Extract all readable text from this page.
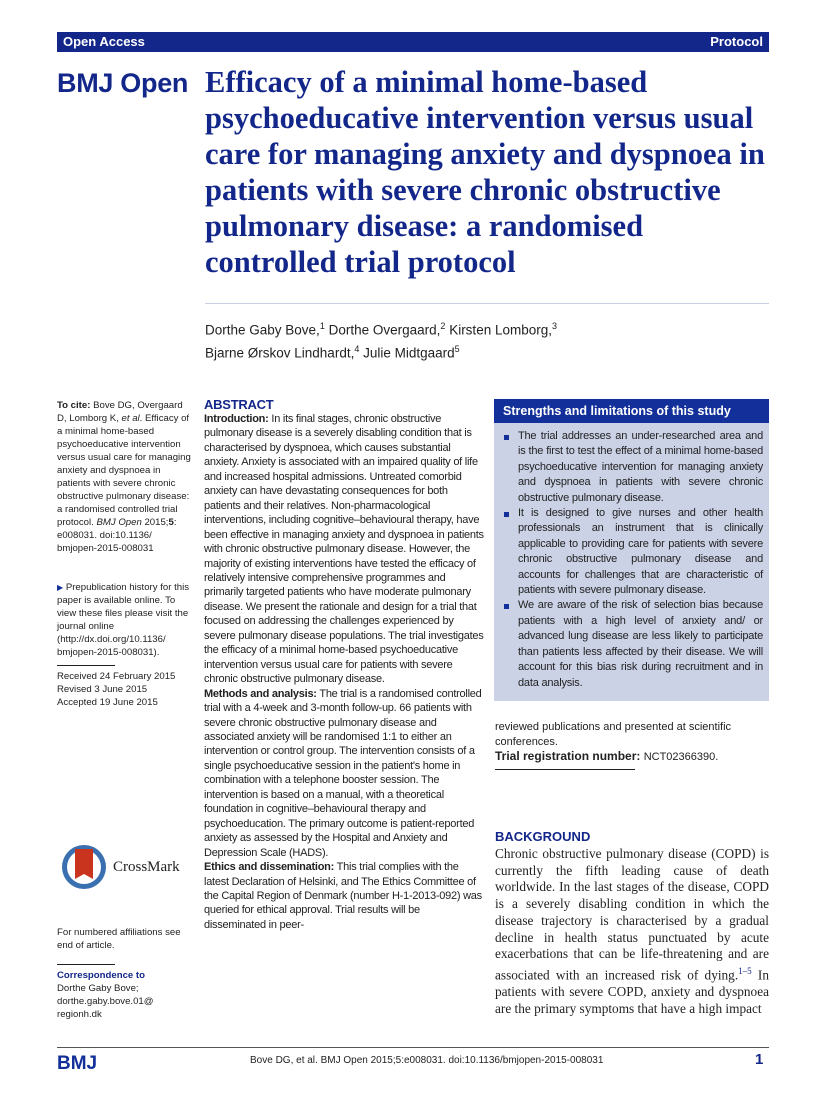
Open Access	Protocol
BMJ Open Efficacy of a minimal home-based psychoeducative intervention versus usual care for managing anxiety and dyspnoea in patients with severe chronic obstructive pulmonary disease: a randomised controlled trial protocol
Dorthe Gaby Bove,$^1$ Dorthe Overgaard,$^2$ Kirsten Lomborg,$^3$
Bjarne Ørskov Lindhardt,$^4$ Julie Midtgaard$^5$

To cite: Bove DG, Overgaard D, Lomborg K, et al. Efficacy of a minimal home-based psychoeducative intervention versus usual care for managing anxiety and dyspnoea in patients with severe chronic obstructive pulmonary disease: a randomised controlled trial protocol. BMJ Open 2015;5: e008031. doi:10.1136/ bmjopen-2015-008031

▶ Prepublication history for this paper is available online. To view these files please visit the journal online (http://dx.doi.org/10.1136/ bmjopen-2015-008031).

Received 24 February 2015

Revised 3 June 2015

Accepted 19 June 2015

CrossMark

For numbered affiliations see end of article.

Correspondence to

Dorthe Gaby Bove;

dorthe.gaby.bove.01@ regionh.dk

ABSTRACT

Introduction: In its final stages, chronic obstructive pulmonary disease is a severely disabling condition that is characterised by dyspnoea, which causes substantial anxiety. Anxiety is associated with an impaired quality of life and increased hospital admissions. Untreated comorbid anxiety can have devastating consequences for both patients and their relatives. Non-pharmacological interventions, including cognitive–behavioural therapy, have been effective in managing anxiety and dyspnoea in patients with chronic obstructive pulmonary disease. However, the majority of existing interventions have tested the efficacy of relatively intensive comprehensive programmes and primarily targeted patients who have moderate pulmonary disease. We present the rationale and design for a trial that focused on addressing the challenges experienced by severe pulmonary disease populations. The trial investigates the efficacy of a minimal home-based psychoeducative intervention versus usual care for patients with severe chronic obstructive pulmonary disease.

Methods and analysis: The trial is a randomised controlled trial with a 4-week and 3-month follow-up. 66 patients with severe chronic obstructive pulmonary disease and associated anxiety will be randomised 1:1 to either an intervention or control group. The intervention consists of a single psychoeducative session in the patient's home in combination with a telephone booster session. The intervention is based on a manual, with a theoretical foundation in cognitive–behavioural therapy and psychoeducation. The primary outcome is patient-reported anxiety as assessed by the Hospital and Anxiety and Depression Scale (HADS).

Ethics and dissemination: This trial complies with the latest Declaration of Helsinki, and The Ethics Committee of the Capital Region of Denmark (number H-1-2013-092) was queried for ethical approval. Trial results will be disseminated in peer-

Strengths and limitations of this study
The trial addresses an under-researched area and is the first to test the effect of a minimal home-based psychoeducative intervention for managing anxiety and dyspnoea in patients with severe chronic obstructive pulmonary disease.
It is designed to give nurses and other health professionals an instrument that is clinically applicable to providing care for patients with severe chronic obstructive pulmonary disease and accounts for challenges that are characteristic of patients with severe pulmonary disease.
We are aware of the risk of selection bias because patients with a high level of anxiety and/ or advanced lung disease are less likely to participate than patients less affected by their disease. We will account for this bias risk during recruitment and in data analysis.

reviewed publications and presented at scientific conferences.

Trial registration number: NCT02366390.

BACKGROUND

Chronic obstructive pulmonary disease (COPD) is currently the fifth leading cause of death worldwide. In the last stages of the disease, COPD is a severely disabling condition in which the disease trajectory is characterised by a gradual decline in health status punctuated by acute exacerbations that can be life-threatening and are associated with an increased risk of dying.$^{1-5}$ In patients with severe COPD, anxiety and dyspnoea are the primary symptoms that have a high impact

BMJ	Bove DG, et al. BMJ Open 2015;5:e008031. doi:10.1136/bmjopen-2015-008031	1
